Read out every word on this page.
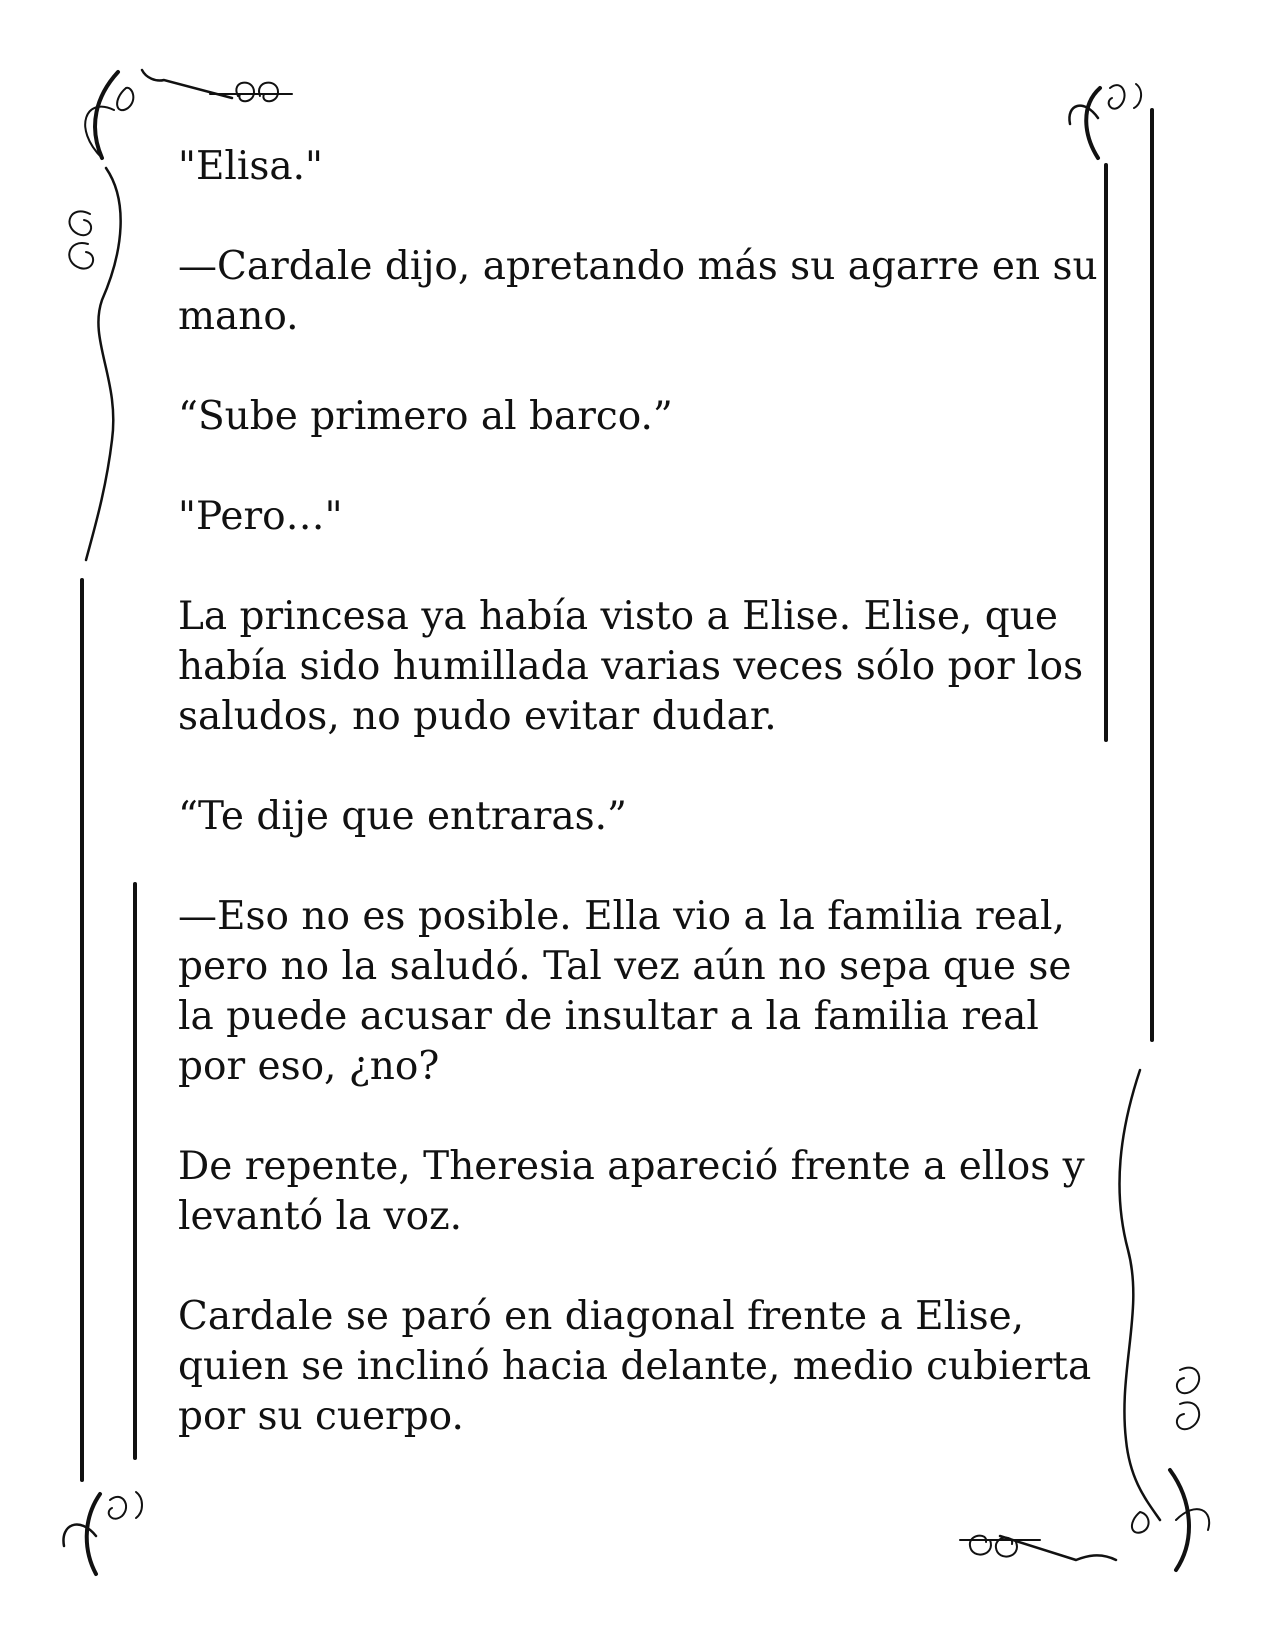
"Elisa."

—Cardale dijo, apretando más su agarre en su mano.

“Sube primero al barco.”

"Pero…"

La princesa ya había visto a Elise. Elise, que había sido humillada varias veces sólo por los saludos, no pudo evitar dudar.

“Te dije que entraras.”

—Eso no es posible. Ella vio a la familia real, pero no la saludó. Tal vez aún no sepa que se la puede acusar de insultar a la familia real por eso, ¿no?

De repente, Theresia apareció frente a ellos y levantó la voz.

Cardale se paró en diagonal frente a Elise, quien se inclinó hacia delante, medio cubierta por su cuerpo.
